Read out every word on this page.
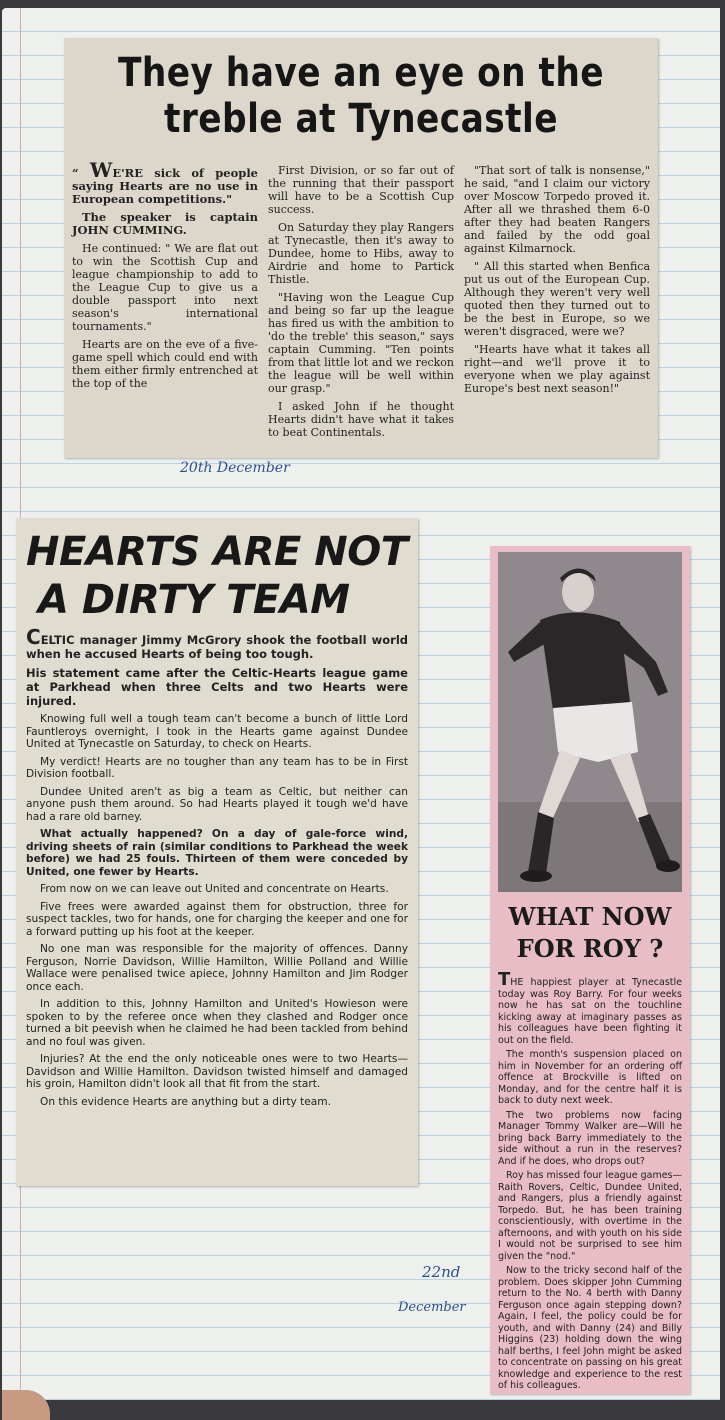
They have an eye on the
treble at Tynecastle

“ WE'RE sick of people saying Hearts are no use in European competitions."

The speaker is captain JOHN CUMMING.

He continued: " We are flat out to win the Scottish Cup and league championship to add to the League Cup to give us a double passport into next season's international tournaments."

Hearts are on the eve of a five-game spell which could end with them either firmly entrenched at the top of the

First Division, or so far out of the running that their passport will have to be a Scottish Cup success.

On Saturday they play Rangers at Tynecastle, then it's away to Dundee, home to Hibs, away to Airdrie and home to Partick Thistle.

"Having won the League Cup and being so far up the league has fired us with the ambition to 'do the treble' this season," says captain Cumming. "Ten points from that little lot and we reckon the league will be well within our grasp."

I asked John if he thought Hearts didn't have what it takes to beat Continentals.

"That sort of talk is nonsense," he said, "and I claim our victory over Moscow Torpedo proved it. After all we thrashed them 6-0 after they had beaten Rangers and failed by the odd goal against Kilmarnock.

" All this started when Benfica put us out of the European Cup. Although they weren't very well quoted then they turned out to be the best in Europe, so we weren't disgraced, were we?

"Hearts have what it takes all right—and we'll prove it to everyone when we play against Europe's best next season!"

20th December
HEARTS ARE NOT
A DIRTY TEAM

CELTIC manager Jimmy McGrory shook the football world when he accused Hearts of being too tough.

His statement came after the Celtic-Hearts league game at Parkhead when three Celts and two Hearts were injured.

Knowing full well a tough team can't become a bunch of little Lord Fauntleroys overnight, I took in the Hearts game against Dundee United at Tynecastle on Saturday, to check on Hearts.

My verdict! Hearts are no tougher than any team has to be in First Division football.

Dundee United aren't as big a team as Celtic, but neither can anyone push them around. So had Hearts played it tough we'd have had a rare old barney.

What actually happened? On a day of gale-force wind, driving sheets of rain (similar conditions to Parkhead the week before) we had 25 fouls. Thirteen of them were conceded by United, one fewer by Hearts.

From now on we can leave out United and concentrate on Hearts.

Five frees were awarded against them for obstruction, three for suspect tackles, two for hands, one for charging the keeper and one for a forward putting up his foot at the keeper.

No one man was responsible for the majority of offences. Danny Ferguson, Norrie Davidson, Willie Hamilton, Willie Polland and Willie Wallace were penalised twice apiece, Johnny Hamilton and Jim Rodger once each.

In addition to this, Johnny Hamilton and United's Howieson were spoken to by the referee once when they clashed and Rodger once turned a bit peevish when he claimed he had been tackled from behind and no foul was given.

Injuries? At the end the only noticeable ones were to two Hearts—Davidson and Willie Hamilton. Davidson twisted himself and damaged his groin, Hamilton didn't look all that fit from the start.

On this evidence Hearts are anything but a dirty team.

22nd
December
WHAT NOW
FOR ROY ?

THE happiest player at Tynecastle today was Roy Barry. For four weeks now he has sat on the touchline kicking away at imaginary passes as his colleagues have been fighting it out on the field.

The month's suspension placed on him in November for an ordering off offence at Brockville is lifted on Monday, and for the centre half it is back to duty next week.

The two problems now facing Manager Tommy Walker are—Will he bring back Barry immediately to the side without a run in the reserves? And if he does, who drops out?

Roy has missed four league games—Raith Rovers, Celtic, Dundee United, and Rangers, plus a friendly against Torpedo. But, he has been training conscientiously, with overtime in the afternoons, and with youth on his side I would not be surprised to see him given the "nod."

Now to the tricky second half of the problem. Does skipper John Cumming return to the No. 4 berth with Danny Ferguson once again stepping down? Again, I feel, the policy could be for youth, and with Danny (24) and Billy Higgins (23) holding down the wing half berths, I feel John might be asked to concentrate on passing on his great knowledge and experience to the rest of his colleagues.
